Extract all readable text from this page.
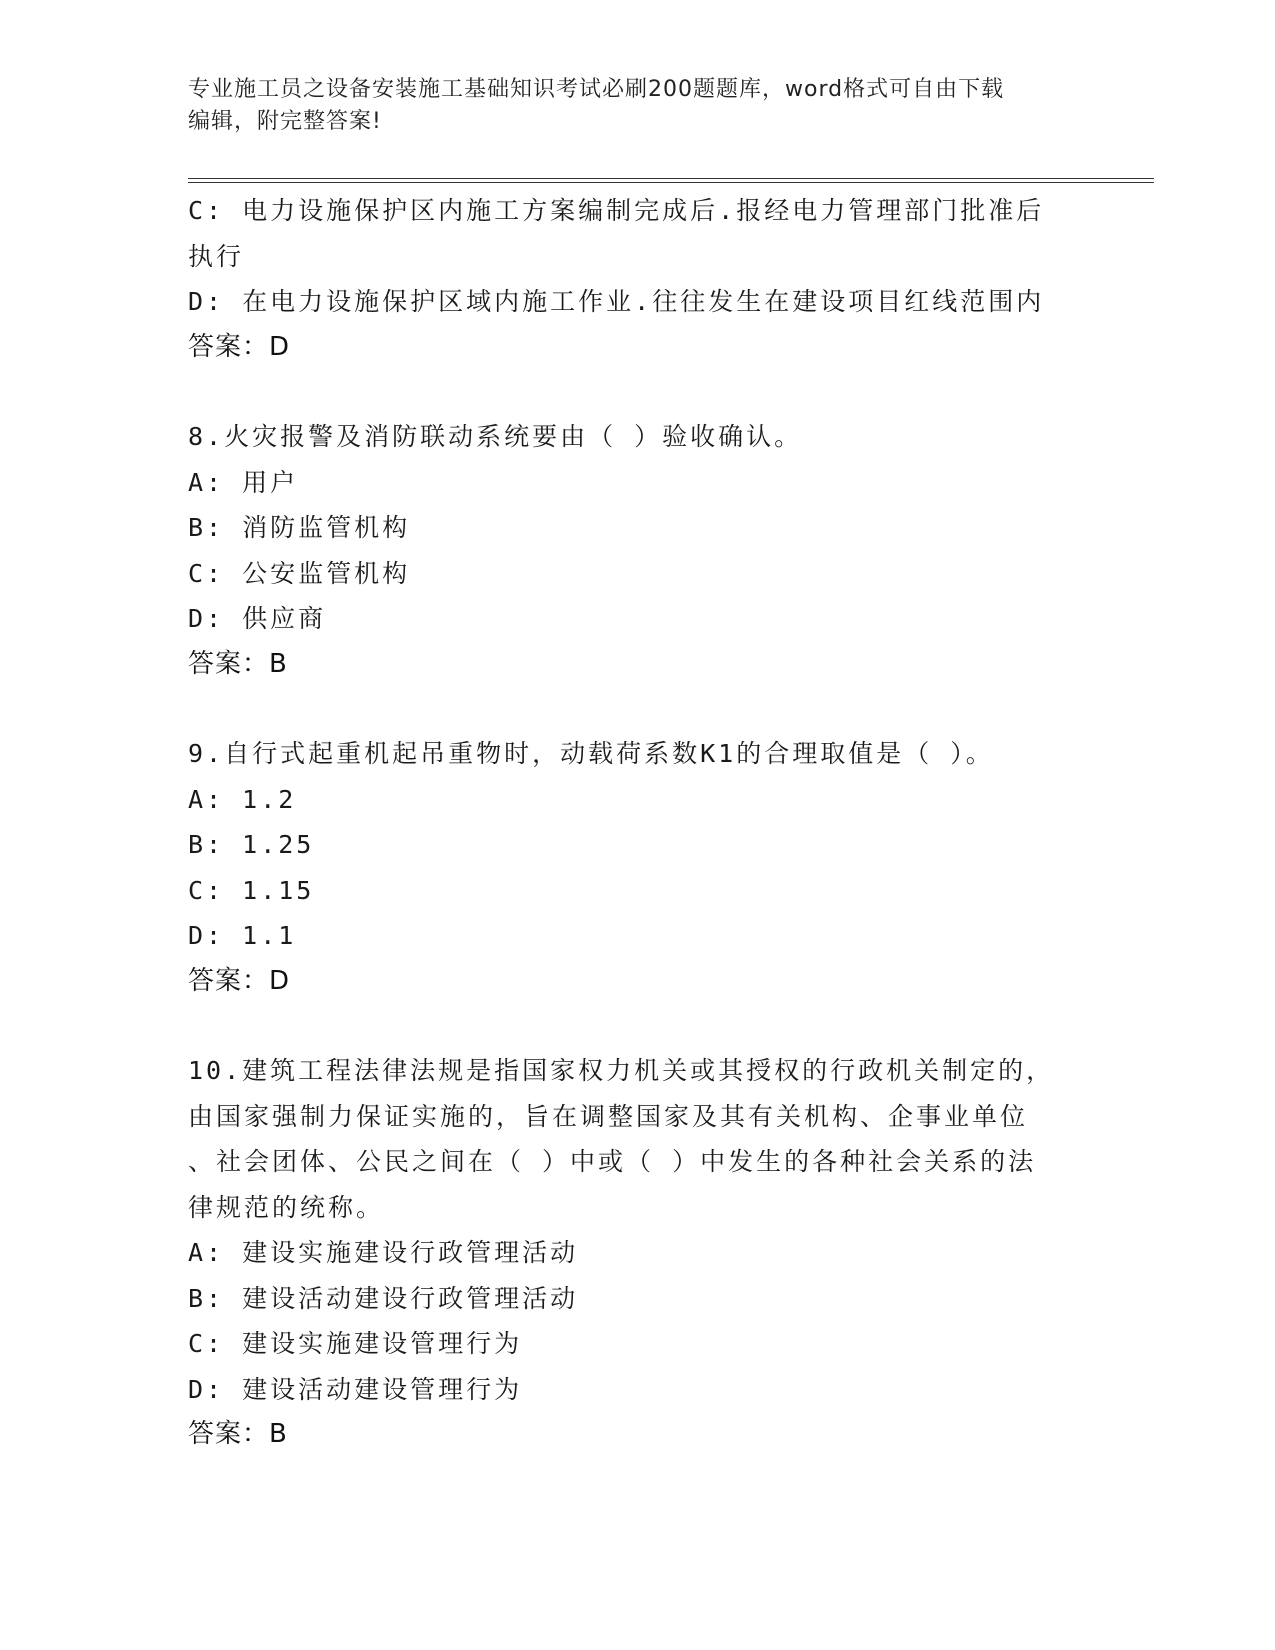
专业施工员之设备安装施工基础知识考试必刷200题题库，word格式可自由下载
编辑，附完整答案!
C: 电力设施保护区内施工方案编制完成后.报经电力管理部门批准后
执行
D: 在电力设施保护区域内施工作业.往往发生在建设项目红线范围内
答案：D
8.火灾报警及消防联动系统要由（ ）验收确认。
A: 用户
B: 消防监管机构
C: 公安监管机构
D: 供应商
答案：B
9.自行式起重机起吊重物时，动载荷系数K1的合理取值是（ ）。
A: 1.2
B: 1.25
C: 1.15
D: 1.1
答案：D
10.建筑工程法律法规是指国家权力机关或其授权的行政机关制定的，
由国家强制力保证实施的，旨在调整国家及其有关机构、企事业单位
、社会团体、公民之间在（ ）中或（ ）中发生的各种社会关系的法
律规范的统称。
A: 建设实施建设行政管理活动
B: 建设活动建设行政管理活动
C: 建设实施建设管理行为
D: 建设活动建设管理行为
答案：B
